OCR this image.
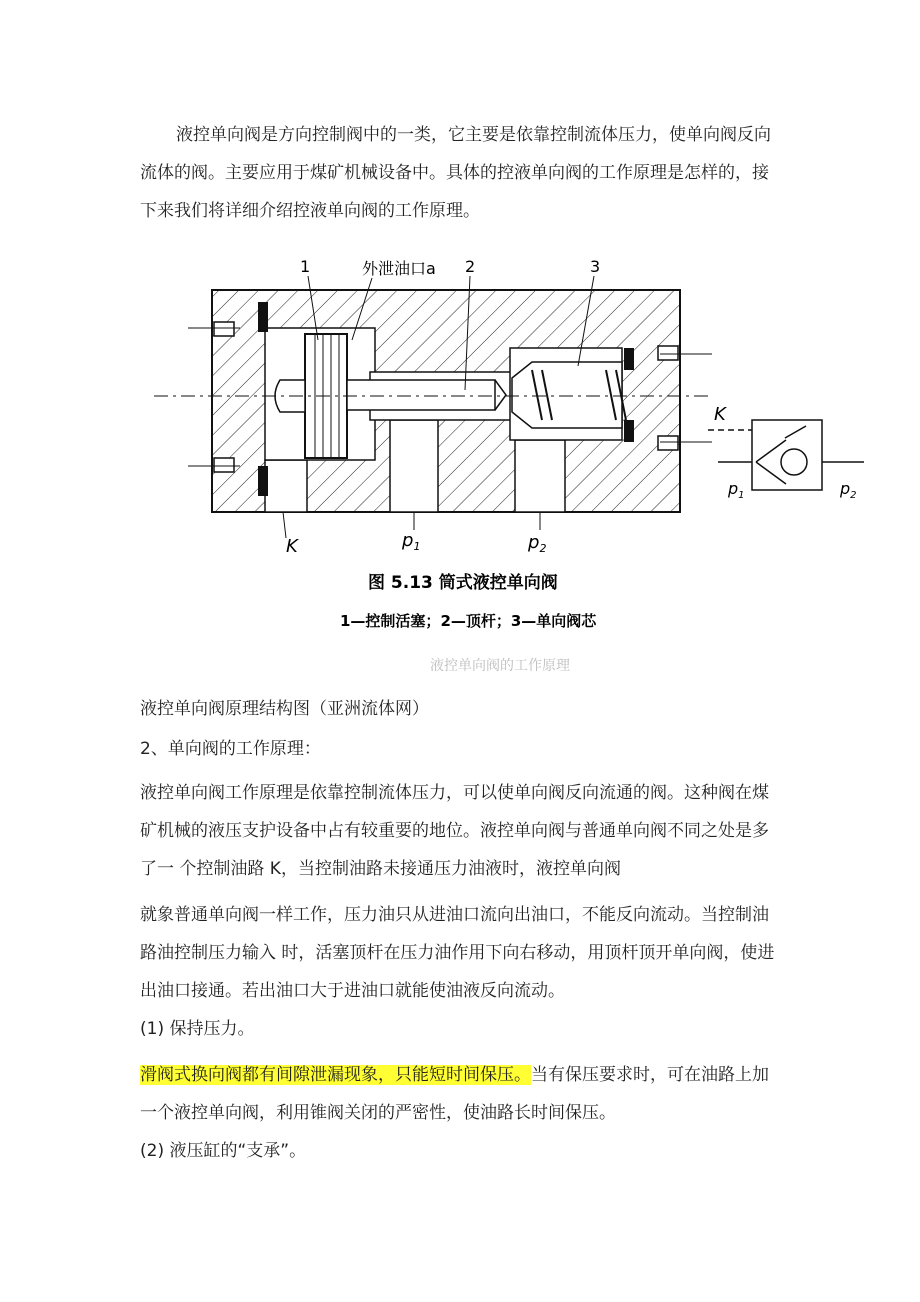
液控单向阀是方向控制阀中的一类，它主要是依靠控制流体压力，使单向阀反向流体的阀。主要应用于煤矿机械设备中。具体的控液单向阀的工作原理是怎样的，接下来我们将详细介绍控液单向阀的工作原理。

1	外泄油口a 2	3
K	$p_1$	$p_2$
K
$p_1$	$p_2$
图 5.13 筒式液控单向阀
1—控制活塞；2—顶杆；3—单向阀芯
液控单向阀的工作原理

液控单向阀原理结构图（亚洲流体网）

2、单向阀的工作原理：

液控单向阀工作原理是依靠控制流体压力，可以使单向阀反向流通的阀。这种阀在煤矿机械的液压支护设备中占有较重要的地位。液控单向阀与普通单向阀不同之处是多了一 个控制油路 K，当控制油路未接通压力油液时，液控单向阀

就象普通单向阀一样工作，压力油只从进油口流向出油口，不能反向流动。当控制油路油控制压力输入 时，活塞顶杆在压力油作用下向右移动，用顶杆顶开单向阀，使进出油口接通。若出油口大于进油口就能使油液反向流动。

(1) 保持压力。

滑阀式换向阀都有间隙泄漏现象，只能短时间保压。当有保压要求时，可在油路上加一个液控单向阀，利用锥阀关闭的严密性，使油路长时间保压。

(2) 液压缸的“支承”。
